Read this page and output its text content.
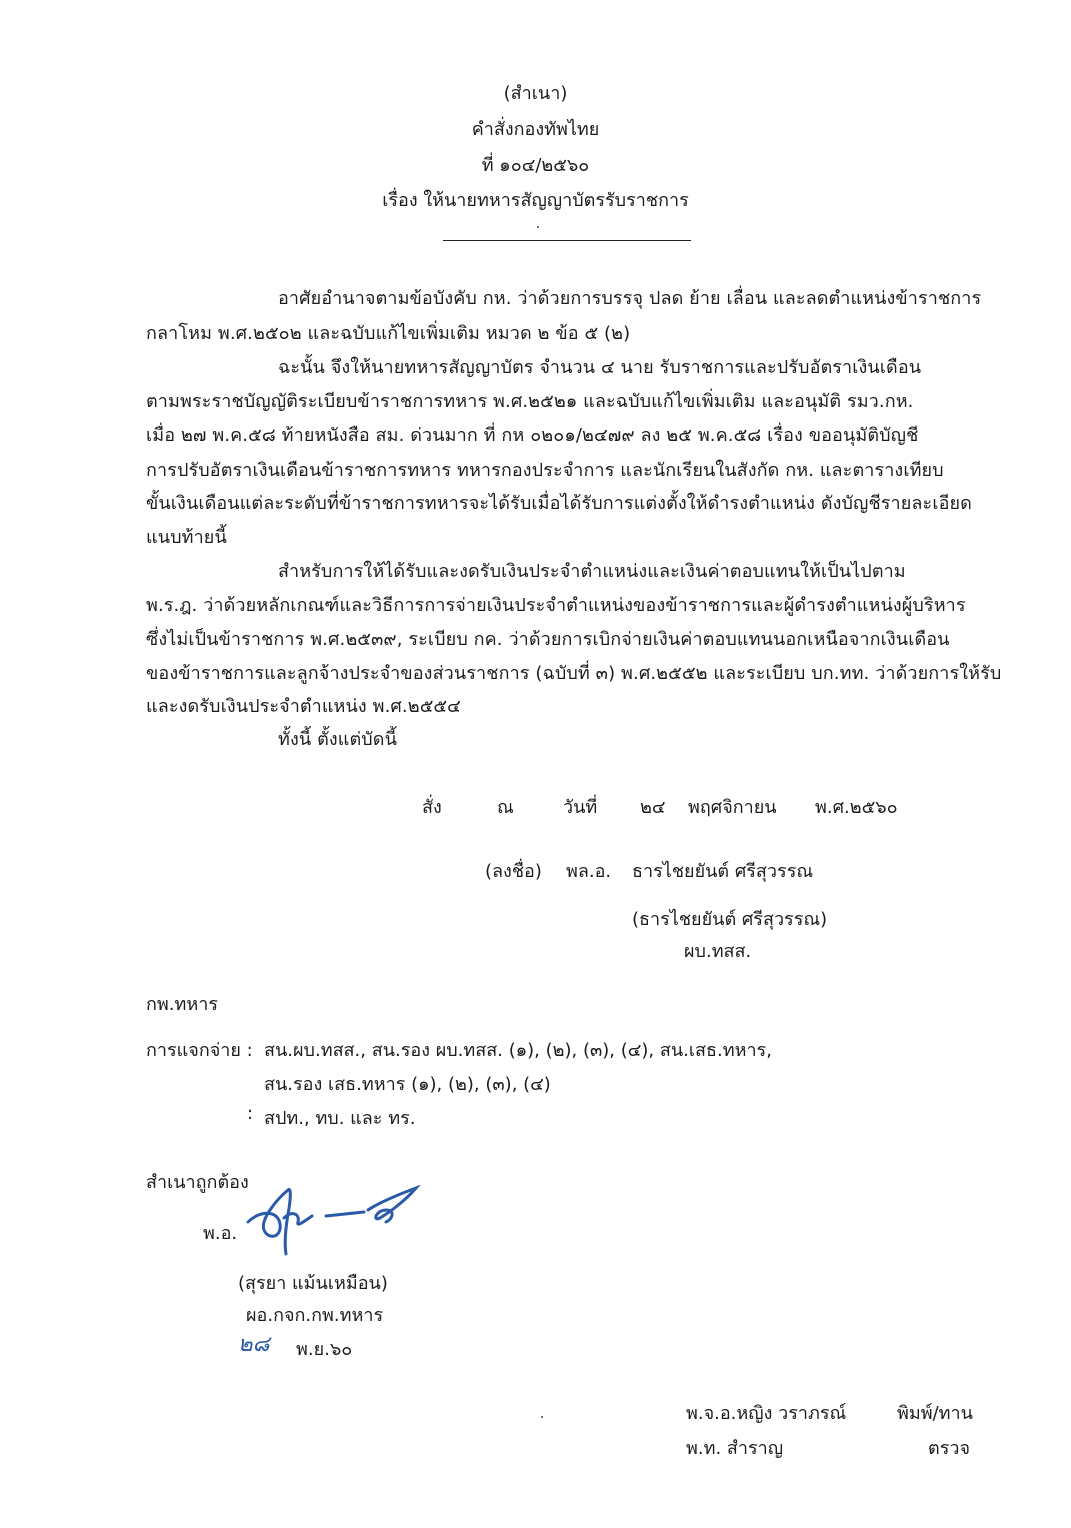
(สำเนา)
คำสั่งกองทัพไทย
ที่ ๑๐๔/๒๕๖๐
เรื่อง ให้นายทหารสัญญาบัตรรับราชการ
อาศัยอำนาจตามข้อบังคับ กห. ว่าด้วยการบรรจุ ปลด ย้าย เลื่อน และลดตำแหน่งข้าราชการ
กลาโหม พ.ศ.๒๕๐๒ และฉบับแก้ไขเพิ่มเติม หมวด ๒ ข้อ ๕ (๒)
ฉะนั้น จึงให้นายทหารสัญญาบัตร จำนวน ๔ นาย รับราชการและปรับอัตราเงินเดือน
ตามพระราชบัญญัติระเบียบข้าราชการทหาร พ.ศ.๒๕๒๑ และฉบับแก้ไขเพิ่มเติม และอนุมัติ รมว.กห.
เมื่อ ๒๗ พ.ค.๕๘ ท้ายหนังสือ สม. ด่วนมาก ที่ กห ๐๒๐๑/๒๔๗๙ ลง ๒๕ พ.ค.๕๘ เรื่อง ขออนุมัติบัญชี
การปรับอัตราเงินเดือนข้าราชการทหาร ทหารกองประจำการ และนักเรียนในสังกัด กห. และตารางเทียบ
ขั้นเงินเดือนแต่ละระดับที่ข้าราชการทหารจะได้รับเมื่อได้รับการแต่งตั้งให้ดำรงตำแหน่ง ดังบัญชีรายละเอียด
แนบท้ายนี้
สำหรับการให้ได้รับและงดรับเงินประจำตำแหน่งและเงินค่าตอบแทนให้เป็นไปตาม
พ.ร.ฎ. ว่าด้วยหลักเกณฑ์และวิธีการการจ่ายเงินประจำตำแหน่งของข้าราชการและผู้ดำรงตำแหน่งผู้บริหาร
ซึ่งไม่เป็นข้าราชการ พ.ศ.๒๕๓๙, ระเบียบ กค. ว่าด้วยการเบิกจ่ายเงินค่าตอบแทนนอกเหนือจากเงินเดือน
ของข้าราชการและลูกจ้างประจำของส่วนราชการ (ฉบับที่ ๓) พ.ศ.๒๕๕๒ และระเบียบ บก.ทท. ว่าด้วยการให้รับ
และงดรับเงินประจำตำแหน่ง พ.ศ.๒๕๕๔
ทั้งนี้ ตั้งแต่บัดนี้
สั่ง	ณ	วันที่ ๒๔ พฤศจิกายน พ.ศ.๒๕๖๐
(ลงชื่อ) พล.อ. ธารไชยยันต์ ศรีสุวรรณ
(ธารไชยยันต์ ศรีสุวรรณ)
ผบ.ทสส.
กพ.ทหาร
การแจกจ่าย : สน.ผบ.ทสส., สน.รอง ผบ.ทสส. (๑), (๒), (๓), (๔), สน.เสธ.ทหาร,
สน.รอง เสธ.ทหาร (๑), (๒), (๓), (๔)
: สปท., ทบ. และ ทร.
สำเนาถูกต้อง
พ.อ.
(สุรยา แม้นเหมือน)
ผอ.กจก.กพ.ทหาร
๒๘ พ.ย.๖๐
พ.จ.อ.หญิง วราภรณ์	พิมพ์/ทาน
พ.ท. สำราญ	ตรวจ
